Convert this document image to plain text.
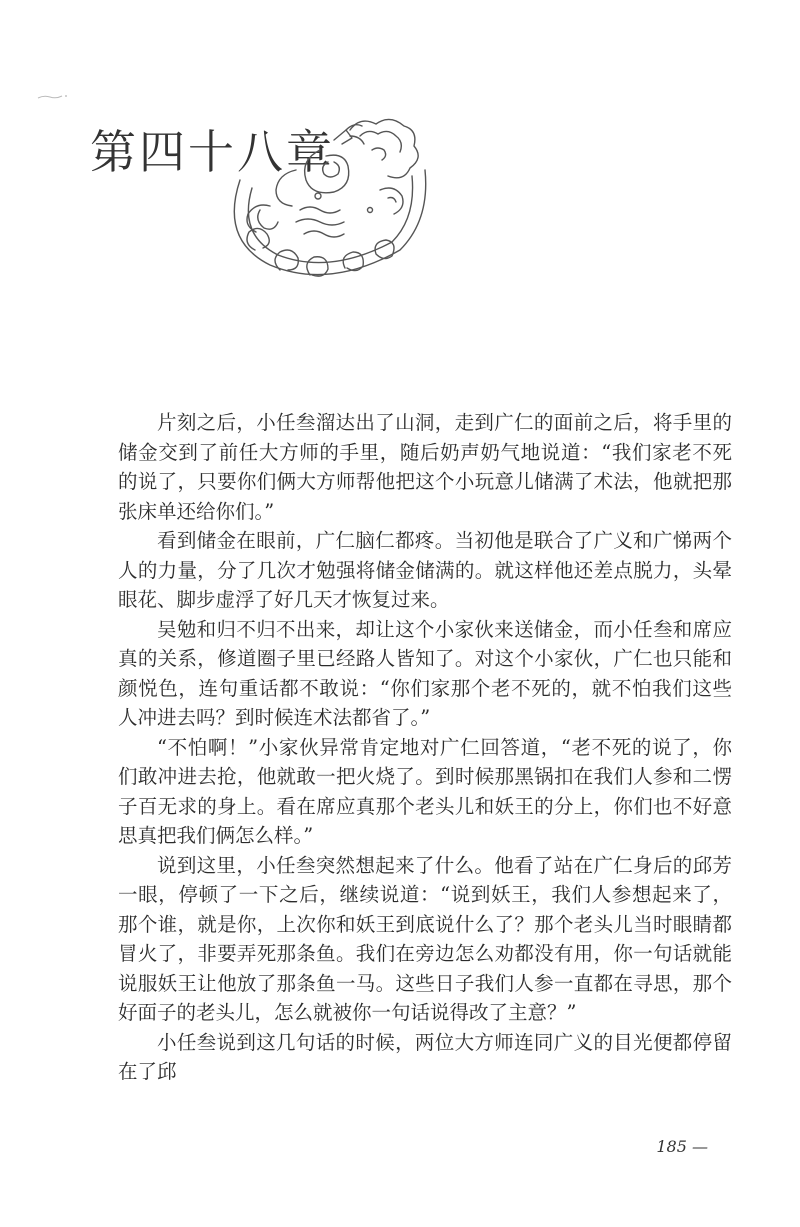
第四十八章

片刻之后，小任叁溜达出了山洞，走到广仁的面前之后，将手里的储金交到了前任大方师的手里，随后奶声奶气地说道：“我们家老不死的说了，只要你们俩大方师帮他把这个小玩意儿储满了术法，他就把那张床单还给你们。”

看到储金在眼前，广仁脑仁都疼。当初他是联合了广义和广悌两个人的力量，分了几次才勉强将储金储满的。就这样他还差点脱力，头晕眼花、脚步虚浮了好几天才恢复过来。

吴勉和归不归不出来，却让这个小家伙来送储金，而小任叁和席应真的关系，修道圈子里已经路人皆知了。对这个小家伙，广仁也只能和颜悦色，连句重话都不敢说：“你们家那个老不死的，就不怕我们这些人冲进去吗？到时候连术法都省了。”

“不怕啊！”小家伙异常肯定地对广仁回答道，“老不死的说了，你们敢冲进去抢，他就敢一把火烧了。到时候那黑锅扣在我们人参和二愣子百无求的身上。看在席应真那个老头儿和妖王的分上，你们也不好意思真把我们俩怎么样。”

说到这里，小任叁突然想起来了什么。他看了站在广仁身后的邱芳一眼，停顿了一下之后，继续说道：“说到妖王，我们人参想起来了，那个谁，就是你，上次你和妖王到底说什么了？那个老头儿当时眼睛都冒火了，非要弄死那条鱼。我们在旁边怎么劝都没有用，你一句话就能说服妖王让他放了那条鱼一马。这些日子我们人参一直都在寻思，那个好面子的老头儿，怎么就被你一句话说得改了主意？”

小任叁说到这几句话的时候，两位大方师连同广义的目光便都停留在了邱

185 —
